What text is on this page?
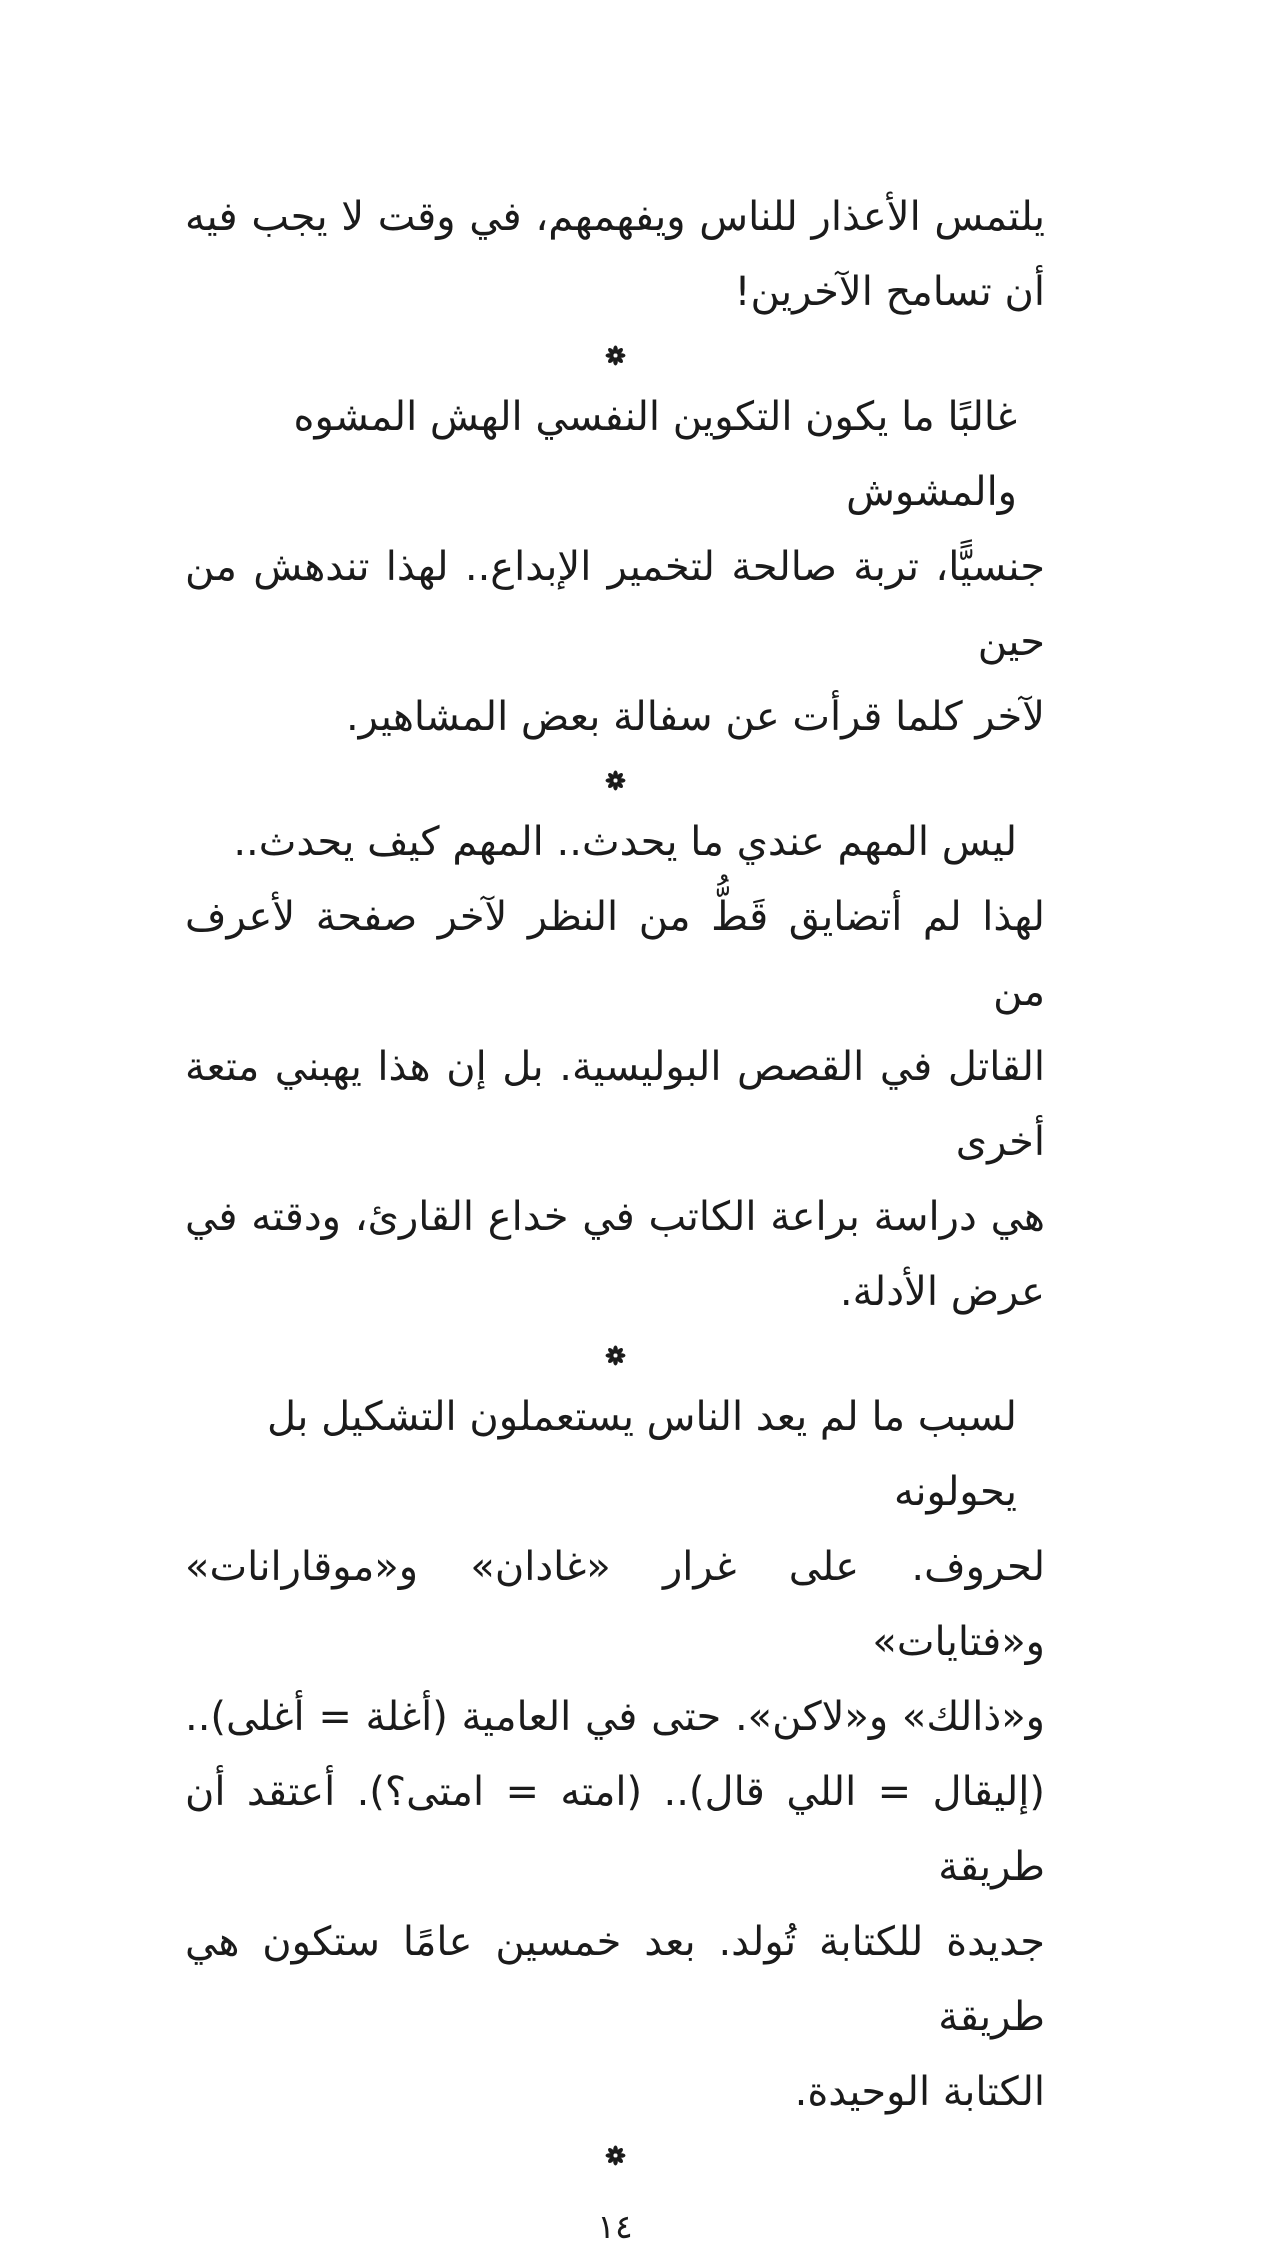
يلتمس الأعذار للناس ويفهمهم، في وقت لا يجب فيه
أن تسامح الآخرين!
غالبًا ما يكون التكوين النفسي الهش المشوه والمشوش
جنسيًّا، تربة صالحة لتخمير الإبداع.. لهذا تندهش من حين
لآخر كلما قرأت عن سفالة بعض المشاهير.
ليس المهم عندي ما يحدث.. المهم كيف يحدث..
لهذا لم أتضايق قَطُّ من النظر لآخر صفحة لأعرف من
القاتل في القصص البوليسية. بل إن هذا يهبني متعة أخرى
هي دراسة براعة الكاتب في خداع القارئ، ودقته في
عرض الأدلة.
لسبب ما لم يعد الناس يستعملون التشكيل بل يحولونه
لحروف. على غرار «غادان» و«موقارانات» و«فتايات»
و«ذالك» و«لاكن». حتى في العامية (أغلة = أغلى)..
(إليقال = اللي قال).. (امته = امتى؟). أعتقد أن طريقة
جديدة للكتابة تُولد. بعد خمسين عامًا ستكون هي طريقة
الكتابة الوحيدة.
١٤
